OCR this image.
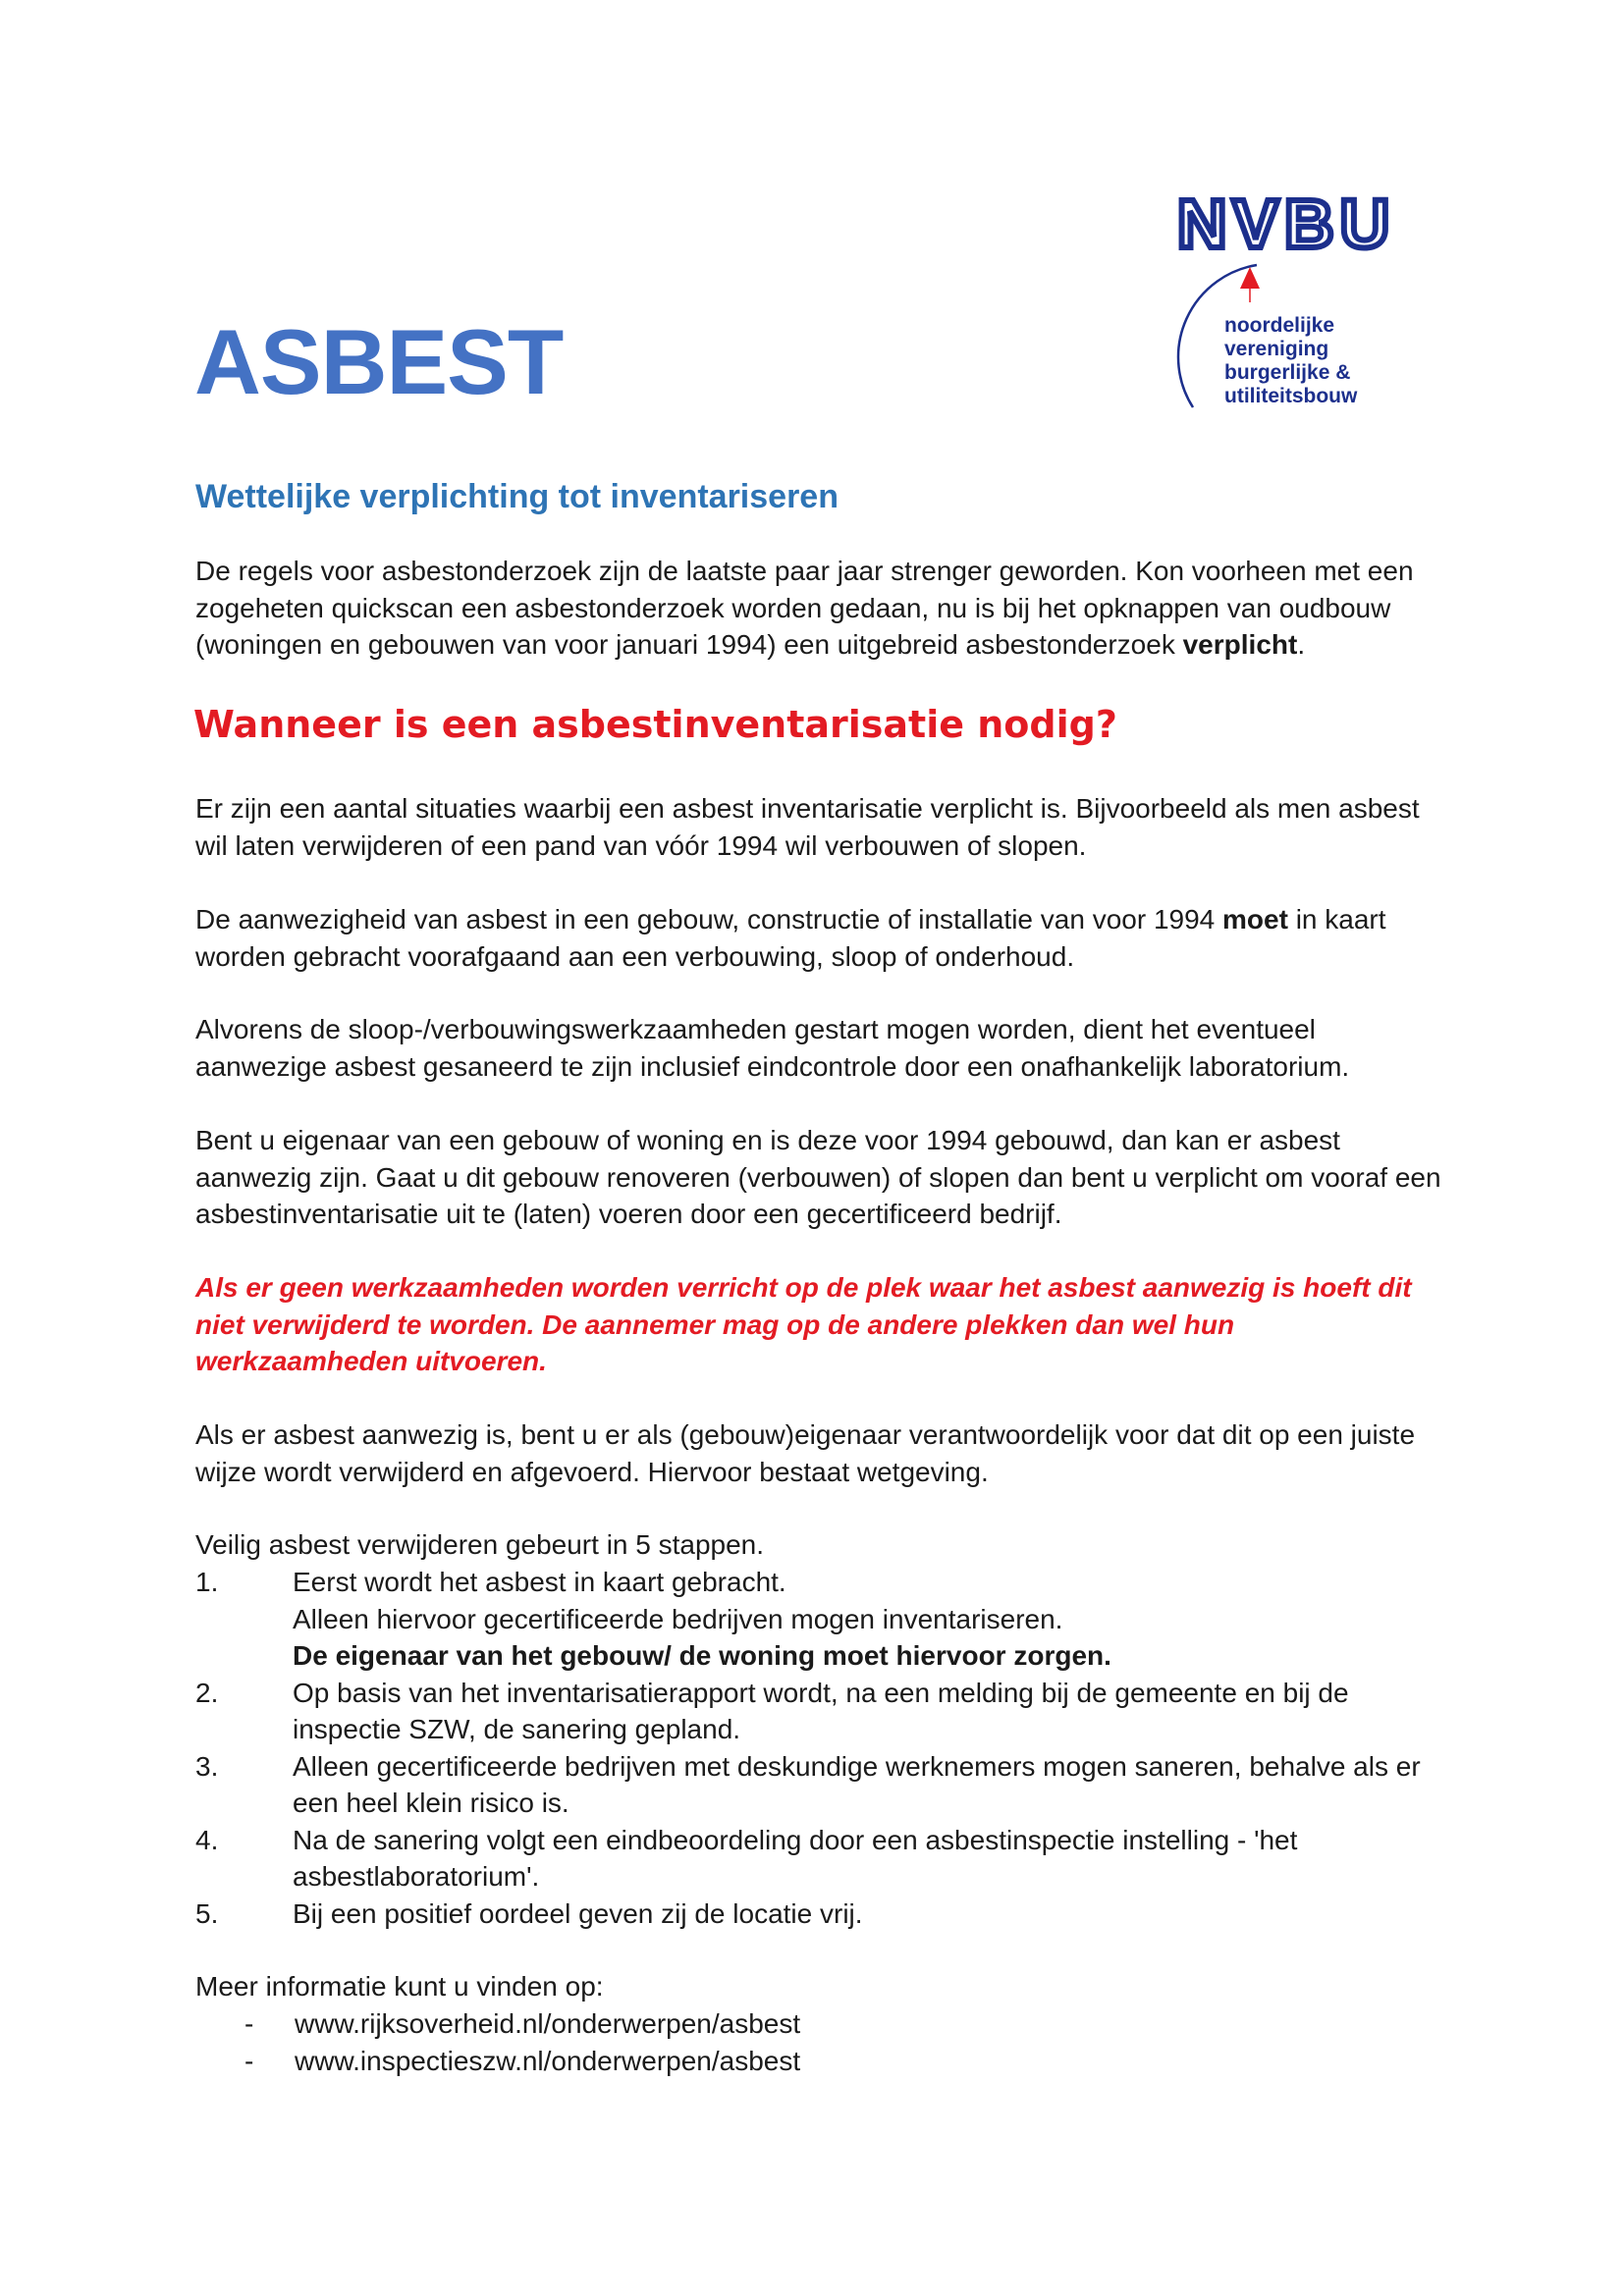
NVBU
noordelijke
vereniging
burgerlijke &
utiliteitsbouw
ASBEST
Wettelijke verplichting tot inventariseren

De regels voor asbestonderzoek zijn de laatste paar jaar strenger geworden. Kon voorheen met een zogeheten quickscan een asbestonderzoek worden gedaan, nu is bij het opknappen van oudbouw (woningen en gebouwen van voor januari 1994) een uitgebreid asbestonderzoek verplicht.

Wanneer is een asbestinventarisatie nodig?

Er zijn een aantal situaties waarbij een asbest inventarisatie verplicht is. Bijvoorbeeld als men asbest wil laten verwijderen of een pand van vóór 1994 wil verbouwen of slopen.

De aanwezigheid van asbest in een gebouw, constructie of installatie van voor 1994 moet in kaart worden gebracht voorafgaand aan een verbouwing, sloop of onderhoud.

Alvorens de sloop-/verbouwingswerkzaamheden gestart mogen worden, dient het eventueel aanwezige asbest gesaneerd te zijn inclusief eindcontrole door een onafhankelijk laboratorium.

Bent u eigenaar van een gebouw of woning en is deze voor 1994 gebouwd, dan kan er asbest aanwezig zijn. Gaat u dit gebouw renoveren (verbouwen) of slopen dan bent u verplicht om vooraf een asbestinventarisatie uit te (laten) voeren door een gecertificeerd bedrijf.

Als er geen werkzaamheden worden verricht op de plek waar het asbest aanwezig is hoeft dit niet verwijderd te worden. De aannemer mag op de andere plekken dan wel hun werkzaamheden uitvoeren.

Als er asbest aanwezig is, bent u er als (gebouw)eigenaar verantwoordelijk voor dat dit op een juiste wijze wordt verwijderd en afgevoerd. Hiervoor bestaat wetgeving.

Veilig asbest verwijderen gebeurt in 5 stappen.

1.	Eerst wordt het asbest in kaart gebracht.
Alleen hiervoor gecertificeerde bedrijven mogen inventariseren.
De eigenaar van het gebouw/ de woning moet hiervoor zorgen.
2.	Op basis van het inventarisatierapport wordt, na een melding bij de gemeente en bij de inspectie SZW, de sanering gepland.
3.	Alleen gecertificeerde bedrijven met deskundige werknemers mogen saneren, behalve als er een heel klein risico is.
4.	Na de sanering volgt een eindbeoordeling door een asbestinspectie instelling - 'het asbestlaboratorium'.
5.	Bij een positief oordeel geven zij de locatie vrij.

Meer informatie kunt u vinden op:

- www.rijksoverheid.nl/onderwerpen/asbest
- www.inspectieszw.nl/onderwerpen/asbest
